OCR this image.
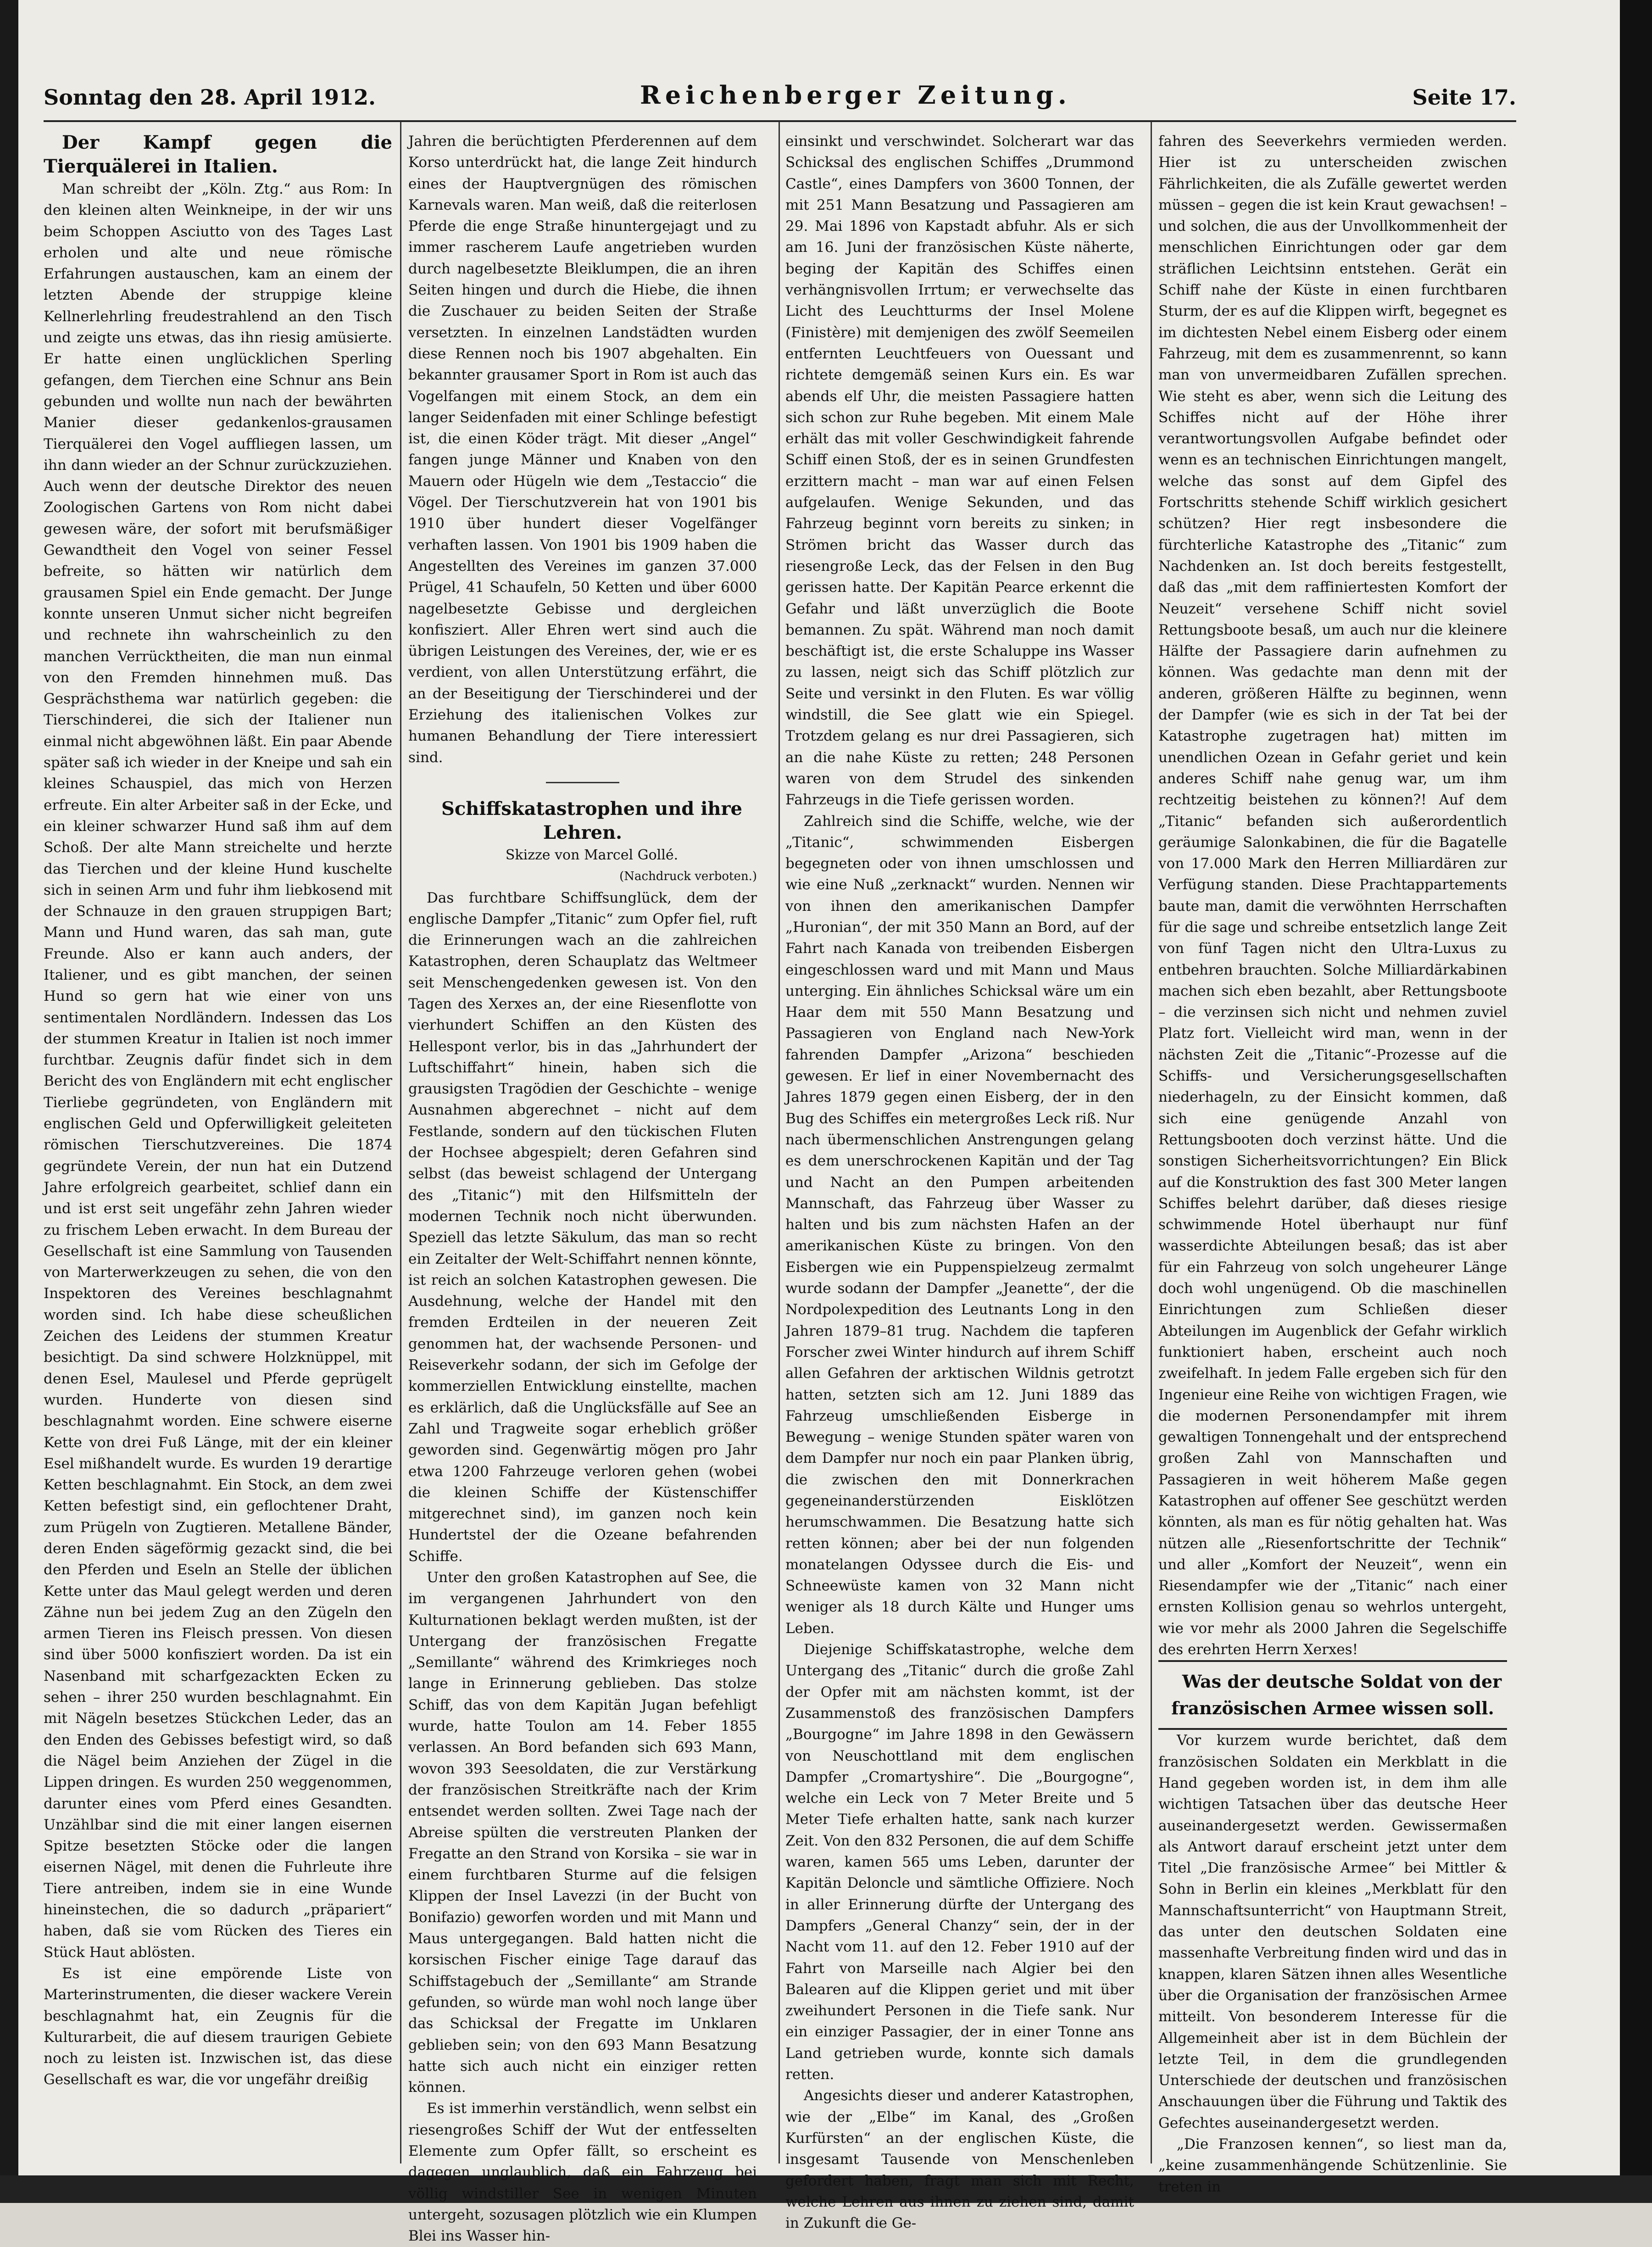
Sonntag den 28. April 1912.	Reichenberger Zeitung.	Seite 17.

Der Kampf gegen die Tierquälerei in Italien.

Man schreibt der „Köln. Ztg.“ aus Rom: In den kleinen alten Weinkneipe, in der wir uns beim Schoppen Asciutto von des Tages Last erholen und alte und neue römische Erfahrungen austauschen, kam an einem der letzten Abende der struppige kleine Kellnerlehrling freudestrahlend an den Tisch und zeigte uns etwas, das ihn riesig amüsierte. Er hatte einen unglücklichen Sperling gefangen, dem Tierchen eine Schnur ans Bein gebunden und wollte nun nach der bewährten Manier dieser gedankenlos-grausamen Tierquälerei den Vogel auffliegen lassen, um ihn dann wieder an der Schnur zurückzuziehen. Auch wenn der deutsche Direktor des neuen Zoologischen Gartens von Rom nicht dabei gewesen wäre, der sofort mit berufsmäßiger Gewandtheit den Vogel von seiner Fessel befreite, so hätten wir natürlich dem grausamen Spiel ein Ende gemacht. Der Junge konnte unseren Unmut sicher nicht begreifen und rechnete ihn wahrscheinlich zu den manchen Verrücktheiten, die man nun einmal von den Fremden hinnehmen muß. Das Gesprächsthema war natürlich gegeben: die Tierschinderei, die sich der Italiener nun einmal nicht abgewöhnen läßt. Ein paar Abende später saß ich wieder in der Kneipe und sah ein kleines Schauspiel, das mich von Herzen erfreute. Ein alter Arbeiter saß in der Ecke, und ein kleiner schwarzer Hund saß ihm auf dem Schoß. Der alte Mann streichelte und herzte das Tierchen und der kleine Hund kuschelte sich in seinen Arm und fuhr ihm liebkosend mit der Schnauze in den grauen struppigen Bart; Mann und Hund waren, das sah man, gute Freunde. Also er kann auch anders, der Italiener, und es gibt manchen, der seinen Hund so gern hat wie einer von uns sentimentalen Nordländern. Indessen das Los der stummen Kreatur in Italien ist noch immer furchtbar. Zeugnis dafür findet sich in dem Bericht des von Engländern mit echt englischer Tierliebe gegründeten, von Engländern mit englischen Geld und Opferwilligkeit geleiteten römischen Tierschutzvereines. Die 1874 gegründete Verein, der nun hat ein Dutzend Jahre erfolgreich gearbeitet, schlief dann ein und ist erst seit ungefähr zehn Jahren wieder zu frischem Leben erwacht. In dem Bureau der Gesellschaft ist eine Sammlung von Tausenden von Marterwerkzeugen zu sehen, die von den Inspektoren des Vereines beschlagnahmt worden sind. Ich habe diese scheußlichen Zeichen des Leidens der stummen Kreatur besichtigt. Da sind schwere Holzknüppel, mit denen Esel, Maulesel und Pferde geprügelt wurden. Hunderte von diesen sind beschlagnahmt worden. Eine schwere eiserne Kette von drei Fuß Länge, mit der ein kleiner Esel mißhandelt wurde. Es wurden 19 derartige Ketten beschlagnahmt. Ein Stock, an dem zwei Ketten befestigt sind, ein geflochtener Draht, zum Prügeln von Zugtieren. Metallene Bänder, deren Enden sägeförmig gezackt sind, die bei den Pferden und Eseln an Stelle der üblichen Kette unter das Maul gelegt werden und deren Zähne nun bei jedem Zug an den Zügeln den armen Tieren ins Fleisch pressen. Von diesen sind über 5000 konfisziert worden. Da ist ein Nasenband mit scharfgezackten Ecken zu sehen – ihrer 250 wurden beschlagnahmt. Ein mit Nägeln besetzes Stückchen Leder, das an den Enden des Gebisses befestigt wird, so daß die Nägel beim Anziehen der Zügel in die Lippen dringen. Es wurden 250 weggenommen, darunter eines vom Pferd eines Gesandten. Unzählbar sind die mit einer langen eisernen Spitze besetzten Stöcke oder die langen eisernen Nägel, mit denen die Fuhrleute ihre Tiere antreiben, indem sie in eine Wunde hineinstechen, die so dadurch „präpariert“ haben, daß sie vom Rücken des Tieres ein Stück Haut ablösten.

Es ist eine empörende Liste von Marterinstrumenten, die dieser wackere Verein beschlagnahmt hat, ein Zeugnis für die Kulturarbeit, die auf diesem traurigen Gebiete noch zu leisten ist. Inzwischen ist, das diese Gesellschaft es war, die vor ungefähr dreißig

Jahren die berüchtigten Pferderennen auf dem Korso unterdrückt hat, die lange Zeit hindurch eines der Hauptvergnügen des römischen Karnevals waren. Man weiß, daß die reiterlosen Pferde die enge Straße hinuntergejagt und zu immer rascherem Laufe angetrieben wurden durch nagelbesetzte Bleiklumpen, die an ihren Seiten hingen und durch die Hiebe, die ihnen die Zuschauer zu beiden Seiten der Straße versetzten. In einzelnen Landstädten wurden diese Rennen noch bis 1907 abgehalten. Ein bekannter grausamer Sport in Rom ist auch das Vogelfangen mit einem Stock, an dem ein langer Seidenfaden mit einer Schlinge befestigt ist, die einen Köder trägt. Mit dieser „Angel“ fangen junge Männer und Knaben von den Mauern oder Hügeln wie dem „Testaccio“ die Vögel. Der Tierschutzverein hat von 1901 bis 1910 über hundert dieser Vogelfänger verhaften lassen. Von 1901 bis 1909 haben die Angestellten des Vereines im ganzen 37.000 Prügel, 41 Schaufeln, 50 Ketten und über 6000 nagelbesetzte Gebisse und dergleichen konfisziert. Aller Ehren wert sind auch die übrigen Leistungen des Vereines, der, wie er es verdient, von allen Unterstützung erfährt, die an der Beseitigung der Tierschinderei und der Erziehung des italienischen Volkes zur humanen Behandlung der Tiere interessiert sind.

Schiffskatastrophen und ihre Lehren.

Skizze von Marcel Gollé.

(Nachdruck verboten.)

Das furchtbare Schiffsunglück, dem der englische Dampfer „Titanic“ zum Opfer fiel, ruft die Erinnerungen wach an die zahlreichen Katastrophen, deren Schauplatz das Weltmeer seit Menschengedenken gewesen ist. Von den Tagen des Xerxes an, der eine Riesenflotte von vierhundert Schiffen an den Küsten des Hellespont verlor, bis in das „Jahrhundert der Luftschiffahrt“ hinein, haben sich die grausigsten Tragödien der Geschichte – wenige Ausnahmen abgerechnet – nicht auf dem Festlande, sondern auf den tückischen Fluten der Hochsee abgespielt; deren Gefahren sind selbst (das beweist schlagend der Untergang des „Titanic“) mit den Hilfsmitteln der modernen Technik noch nicht überwunden. Speziell das letzte Säkulum, das man so recht ein Zeitalter der Welt-Schiffahrt nennen könnte, ist reich an solchen Katastrophen gewesen. Die Ausdehnung, welche der Handel mit den fremden Erdteilen in der neueren Zeit genommen hat, der wachsende Personen- und Reiseverkehr sodann, der sich im Gefolge der kommerziellen Entwicklung einstellte, machen es erklärlich, daß die Unglücksfälle auf See an Zahl und Tragweite sogar erheblich größer geworden sind. Gegenwärtig mögen pro Jahr etwa 1200 Fahrzeuge verloren gehen (wobei die kleinen Schiffe der Küstenschiffer mitgerechnet sind), im ganzen noch kein Hundertstel der die Ozeane befahrenden Schiffe.

Unter den großen Katastrophen auf See, die im vergangenen Jahrhundert von den Kulturnationen beklagt werden mußten, ist der Untergang der französischen Fregatte „Semillante“ während des Krimkrieges noch lange in Erinnerung geblieben. Das stolze Schiff, das von dem Kapitän Jugan befehligt wurde, hatte Toulon am 14. Feber 1855 verlassen. An Bord befanden sich 693 Mann, wovon 393 Seesoldaten, die zur Verstärkung der französischen Streitkräfte nach der Krim entsendet werden sollten. Zwei Tage nach der Abreise spülten die verstreuten Planken der Fregatte an den Strand von Korsika – sie war in einem furchtbaren Sturme auf die felsigen Klippen der Insel Lavezzi (in der Bucht von Bonifazio) geworfen worden und mit Mann und Maus untergegangen. Bald hatten nicht die korsischen Fischer einige Tage darauf das Schiffstagebuch der „Semillante“ am Strande gefunden, so würde man wohl noch lange über das Schicksal der Fregatte im Unklaren geblieben sein; von den 693 Mann Besatzung hatte sich auch nicht ein einziger retten können.

Es ist immerhin verständlich, wenn selbst ein riesengroßes Schiff der Wut der entfesselten Elemente zum Opfer fällt, so erscheint es dagegen unglaublich, daß ein Fahrzeug bei völlig windstiller See in wenigen Minuten untergeht, sozusagen plötzlich wie ein Klumpen Blei ins Wasser hin-

einsinkt und verschwindet. Solcherart war das Schicksal des englischen Schiffes „Drummond Castle“, eines Dampfers von 3600 Tonnen, der mit 251 Mann Besatzung und Passagieren am 29. Mai 1896 von Kapstadt abfuhr. Als er sich am 16. Juni der französischen Küste näherte, beging der Kapitän des Schiffes einen verhängnisvollen Irrtum; er verwechselte das Licht des Leuchtturms der Insel Molene (Finistère) mit demjenigen des zwölf Seemeilen entfernten Leuchtfeuers von Ouessant und richtete demgemäß seinen Kurs ein. Es war abends elf Uhr, die meisten Passagiere hatten sich schon zur Ruhe begeben. Mit einem Male erhält das mit voller Geschwindigkeit fahrende Schiff einen Stoß, der es in seinen Grundfesten erzittern macht – man war auf einen Felsen aufgelaufen. Wenige Sekunden, und das Fahrzeug beginnt vorn bereits zu sinken; in Strömen bricht das Wasser durch das riesengroße Leck, das der Felsen in den Bug gerissen hatte. Der Kapitän Pearce erkennt die Gefahr und läßt unverzüglich die Boote bemannen. Zu spät. Während man noch damit beschäftigt ist, die erste Schaluppe ins Wasser zu lassen, neigt sich das Schiff plötzlich zur Seite und versinkt in den Fluten. Es war völlig windstill, die See glatt wie ein Spiegel. Trotzdem gelang es nur drei Passagieren, sich an die nahe Küste zu retten; 248 Personen waren von dem Strudel des sinkenden Fahrzeugs in die Tiefe gerissen worden.

Zahlreich sind die Schiffe, welche, wie der „Titanic“, schwimmenden Eisbergen begegneten oder von ihnen umschlossen und wie eine Nuß „zerknackt“ wurden. Nennen wir von ihnen den amerikanischen Dampfer „Huronian“, der mit 350 Mann an Bord, auf der Fahrt nach Kanada von treibenden Eisbergen eingeschlossen ward und mit Mann und Maus unterging. Ein ähnliches Schicksal wäre um ein Haar dem mit 550 Mann Besatzung und Passagieren von England nach New-York fahrenden Dampfer „Arizona“ beschieden gewesen. Er lief in einer Novembernacht des Jahres 1879 gegen einen Eisberg, der in den Bug des Schiffes ein metergroßes Leck riß. Nur nach übermenschlichen Anstrengungen gelang es dem unerschrockenen Kapitän und der Tag und Nacht an den Pumpen arbeitenden Mannschaft, das Fahrzeug über Wasser zu halten und bis zum nächsten Hafen an der amerikanischen Küste zu bringen. Von den Eisbergen wie ein Puppenspielzeug zermalmt wurde sodann der Dampfer „Jeanette“, der die Nordpolexpedition des Leutnants Long in den Jahren 1879–81 trug. Nachdem die tapferen Forscher zwei Winter hindurch auf ihrem Schiff allen Gefahren der arktischen Wildnis getrotzt hatten, setzten sich am 12. Juni 1889 das Fahrzeug umschließenden Eisberge in Bewegung – wenige Stunden später waren von dem Dampfer nur noch ein paar Planken übrig, die zwischen den mit Donnerkrachen gegeneinanderstürzenden Eisklötzen herumschwammen. Die Besatzung hatte sich retten können; aber bei der nun folgenden monatelangen Odyssee durch die Eis- und Schneewüste kamen von 32 Mann nicht weniger als 18 durch Kälte und Hunger ums Leben.

Diejenige Schiffskatastrophe, welche dem Untergang des „Titanic“ durch die große Zahl der Opfer mit am nächsten kommt, ist der Zusammenstoß des französischen Dampfers „Bourgogne“ im Jahre 1898 in den Gewässern von Neuschottland mit dem englischen Dampfer „Cromartyshire“. Die „Bourgogne“, welche ein Leck von 7 Meter Breite und 5 Meter Tiefe erhalten hatte, sank nach kurzer Zeit. Von den 832 Personen, die auf dem Schiffe waren, kamen 565 ums Leben, darunter der Kapitän Deloncle und sämtliche Offiziere. Noch in aller Erinnerung dürfte der Untergang des Dampfers „General Chanzy“ sein, der in der Nacht vom 11. auf den 12. Feber 1910 auf der Fahrt von Marseille nach Algier bei den Balearen auf die Klippen geriet und mit über zweihundert Personen in die Tiefe sank. Nur ein einziger Passagier, der in einer Tonne ans Land getrieben wurde, konnte sich damals retten.

Angesichts dieser und anderer Katastrophen, wie der „Elbe“ im Kanal, des „Großen Kurfürsten“ an der englischen Küste, die insgesamt Tausende von Menschenleben gefordert haben, fragt man sich mit Recht, welche Lehren aus ihnen zu ziehen sind, damit in Zukunft die Ge-

fahren des Seeverkehrs vermieden werden. Hier ist zu unterscheiden zwischen Fährlichkeiten, die als Zufälle gewertet werden müssen – gegen die ist kein Kraut gewachsen! – und solchen, die aus der Unvollkommenheit der menschlichen Einrichtungen oder gar dem sträflichen Leichtsinn entstehen. Gerät ein Schiff nahe der Küste in einen furchtbaren Sturm, der es auf die Klippen wirft, begegnet es im dichtesten Nebel einem Eisberg oder einem Fahrzeug, mit dem es zusammenrennt, so kann man von unvermeidbaren Zufällen sprechen. Wie steht es aber, wenn sich die Leitung des Schiffes nicht auf der Höhe ihrer verantwortungsvollen Aufgabe befindet oder wenn es an technischen Einrichtungen mangelt, welche das sonst auf dem Gipfel des Fortschritts stehende Schiff wirklich gesichert schützen? Hier regt insbesondere die fürchterliche Katastrophe des „Titanic“ zum Nachdenken an. Ist doch bereits festgestellt, daß das „mit dem raffiniertesten Komfort der Neuzeit“ versehene Schiff nicht soviel Rettungsboote besaß, um auch nur die kleinere Hälfte der Passagiere darin aufnehmen zu können. Was gedachte man denn mit der anderen, größeren Hälfte zu beginnen, wenn der Dampfer (wie es sich in der Tat bei der Katastrophe zugetragen hat) mitten im unendlichen Ozean in Gefahr geriet und kein anderes Schiff nahe genug war, um ihm rechtzeitig beistehen zu können?! Auf dem „Titanic“ befanden sich außerordentlich geräumige Salonkabinen, die für die Bagatelle von 17.000 Mark den Herren Milliardären zur Verfügung standen. Diese Prachtappartements baute man, damit die verwöhnten Herrschaften für die sage und schreibe entsetzlich lange Zeit von fünf Tagen nicht den Ultra-Luxus zu entbehren brauchten. Solche Milliardärkabinen machen sich eben bezahlt, aber Rettungsboote – die verzinsen sich nicht und nehmen zuviel Platz fort. Vielleicht wird man, wenn in der nächsten Zeit die „Titanic“-Prozesse auf die Schiffs- und Versicherungsgesellschaften niederhageln, zu der Einsicht kommen, daß sich eine genügende Anzahl von Rettungsbooten doch verzinst hätte. Und die sonstigen Sicherheitsvorrichtungen? Ein Blick auf die Konstruktion des fast 300 Meter langen Schiffes belehrt darüber, daß dieses riesige schwimmende Hotel überhaupt nur fünf wasserdichte Abteilungen besaß; das ist aber für ein Fahrzeug von solch ungeheurer Länge doch wohl ungenügend. Ob die maschinellen Einrichtungen zum Schließen dieser Abteilungen im Augenblick der Gefahr wirklich funktioniert haben, erscheint auch noch zweifelhaft. In jedem Falle ergeben sich für den Ingenieur eine Reihe von wichtigen Fragen, wie die modernen Personendampfer mit ihrem gewaltigen Tonnengehalt und der entsprechend großen Zahl von Mannschaften und Passagieren in weit höherem Maße gegen Katastrophen auf offener See geschützt werden könnten, als man es für nötig gehalten hat. Was nützen alle „Riesenfortschritte der Technik“ und aller „Komfort der Neuzeit“, wenn ein Riesendampfer wie der „Titanic“ nach einer ernsten Kollision genau so wehrlos untergeht, wie vor mehr als 2000 Jahren die Segelschiffe des erehrten Herrn Xerxes!

Was der deutsche Soldat von der französischen Armee wissen soll.

Vor kurzem wurde berichtet, daß dem französischen Soldaten ein Merkblatt in die Hand gegeben worden ist, in dem ihm alle wichtigen Tatsachen über das deutsche Heer auseinandergesetzt werden. Gewissermaßen als Antwort darauf erscheint jetzt unter dem Titel „Die französische Armee“ bei Mittler & Sohn in Berlin ein kleines „Merkblatt für den Mannschaftsunterricht“ von Hauptmann Streit, das unter den deutschen Soldaten eine massenhafte Verbreitung finden wird und das in knappen, klaren Sätzen ihnen alles Wesentliche über die Organisation der französischen Armee mitteilt. Von besonderem Interesse für die Allgemeinheit aber ist in dem Büchlein der letzte Teil, in dem die grundlegenden Unterschiede der deutschen und französischen Anschauungen über die Führung und Taktik des Gefechtes auseinandergesetzt werden.

„Die Franzosen kennen“, so liest man da, „keine zusammenhängende Schützenlinie. Sie treten in
